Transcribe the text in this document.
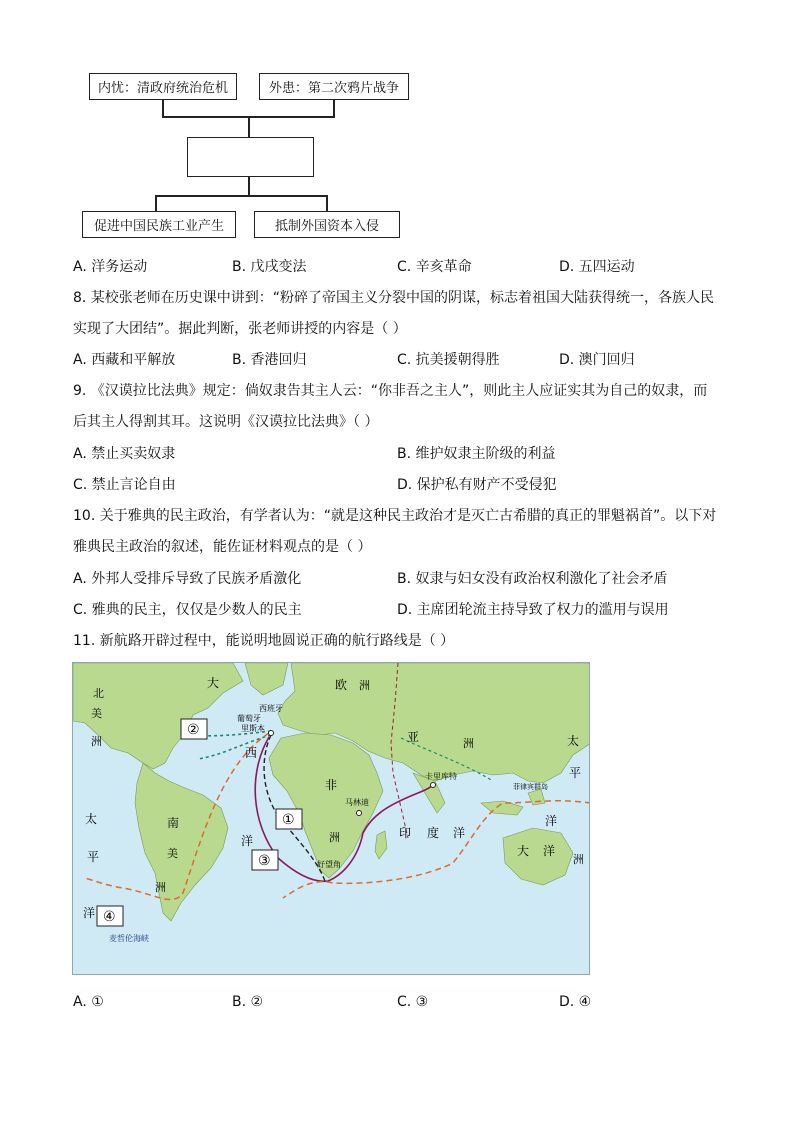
内忧：清政府统治危机	外患：第二次鸦片战争
促进中国民族工业产生	抵制外国资本入侵
A. 洋务运动	B. 戊戌变法	C. 辛亥革命	D. 五四运动
8. 某校张老师在历史课中讲到：“粉碎了帝国主义分裂中国的阴谋，标志着祖国大陆获得统一，各族人民
实现了大团结”。据此判断，张老师讲授的内容是（ ）
A. 西藏和平解放	B. 香港回归	C. 抗美援朝得胜	D. 澳门回归
9. 《汉谟拉比法典》规定：倘奴隶告其主人云：“你非吾之主人”，则此主人应证实其为自己的奴隶，而
后其主人得割其耳。这说明《汉谟拉比法典》（ ）
A. 禁止买卖奴隶	B. 维护奴隶主阶级的利益
C. 禁止言论自由	D. 保护私有财产不受侵犯
10. 关于雅典的民主政治，有学者认为：“就是这种民主政治才是灭亡古希腊的真正的罪魁祸首”。以下对
雅典民主政治的叙述，能佐证材料观点的是（ ）
A. 外邦人受排斥导致了民族矛盾激化	B. 奴隶与妇女没有政治权利激化了社会矛盾
C. 雅典的民主，仅仅是少数人的民主	D. 主席团轮流主持导致了权力的滥用与误用
11. 新航路开辟过程中，能说明地圆说正确的航行路线是（ ）
北
美
洲
大
西
洋
欧 洲
亚	洲
非
洲
南
美
洲
太
平
洋
太
平
洋
印 度 洋
大 洋
洲
西班牙
葡萄牙
里斯本
卡里库特
马林迪
好望角
菲律宾群岛
麦哲伦海峡
②
①
③
④
A. ①	B. ②	C. ③	D. ④
